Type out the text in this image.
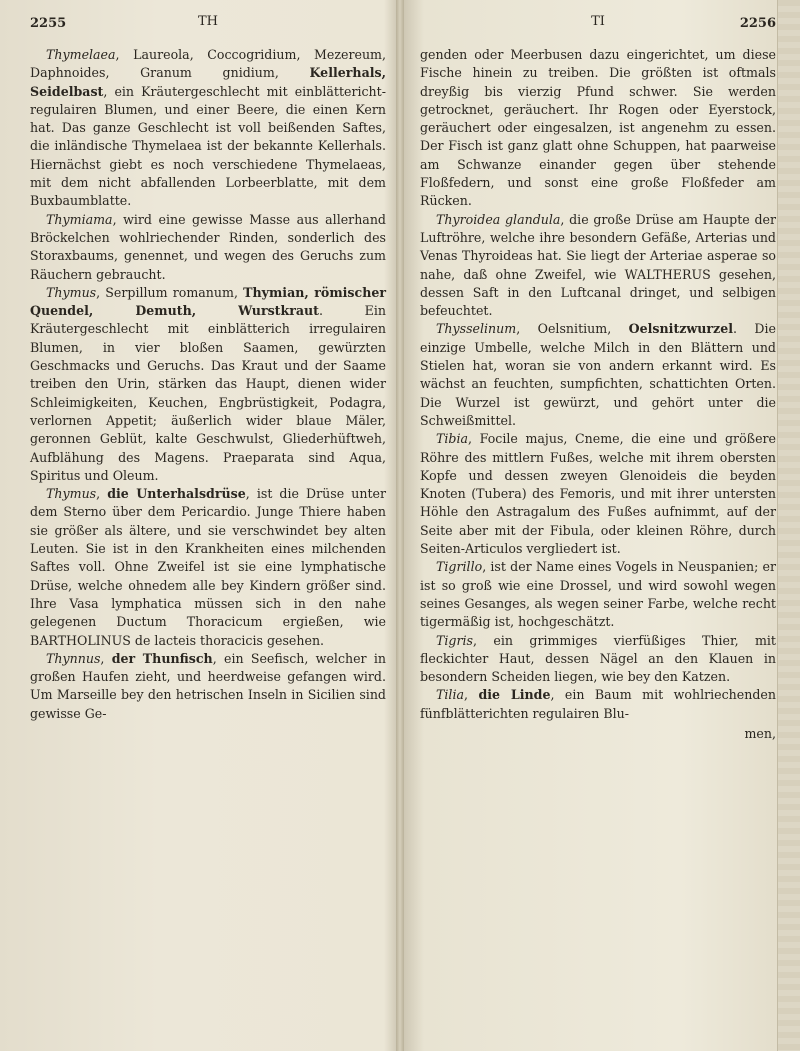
2255	TH

Thymelaea, Laureola, Coccogridium, Mezereum, Daphnoides, Granum gnidium, Kellerhals, Seidelbast, ein Kräutergeschlecht mit einblättericht-regulairen Blumen, und einer Beere, die einen Kern hat. Das ganze Geschlecht ist voll beißenden Saftes, die inländische Thymelaea ist der bekannte Kellerhals. Hiernächst giebt es noch verschiedene Thymelaeas, mit dem nicht abfallenden Lorbeerblatte, mit dem Buxbaumblatte.

Thymiama, wird eine gewisse Masse aus allerhand Bröckelchen wohlriechender Rinden, sonderlich des Storaxbaums, genennet, und wegen des Geruchs zum Räuchern gebraucht.

Thymus, Serpillum romanum, Thymian, römischer Quendel, Demuth, Wurstkraut. Ein Kräutergeschlecht mit einblätterich irregulairen Blumen, in vier bloßen Saamen, gewürzten Geschmacks und Geruchs. Das Kraut und der Saame treiben den Urin, stärken das Haupt, dienen wider Schleimigkeiten, Keuchen, Engbrüstigkeit, Podagra, verlornen Appetit; äußerlich wider blaue Mäler, geronnen Geblüt, kalte Geschwulst, Gliederhüftweh, Aufblähung des Magens. Praeparata sind Aqua, Spiritus und Oleum.

Thymus, die Unterhalsdrüse, ist die Drüse unter dem Sterno über dem Pericardio. Junge Thiere haben sie größer als ältere, und sie verschwindet bey alten Leuten. Sie ist in den Krankheiten eines milchenden Saftes voll. Ohne Zweifel ist sie eine lymphatische Drüse, welche ohnedem alle bey Kindern größer sind. Ihre Vasa lymphatica müssen sich in den nahe gelegenen Ductum Thoracicum ergießen, wie BARTHOLINUS de lacteis thoracicis gesehen.

Thynnus, der Thunfisch, ein Seefisch, welcher in großen Haufen zieht, und heerdweise gefangen wird. Um Marseille bey den hetrischen Inseln in Sicilien sind gewisse Ge-

TI	2256

genden oder Meerbusen dazu eingerichtet, um diese Fische hinein zu treiben. Die größten ist oftmals dreyßig bis vierzig Pfund schwer. Sie werden getrocknet, geräuchert. Ihr Rogen oder Eyerstock, geräuchert oder eingesalzen, ist angenehm zu essen. Der Fisch ist ganz glatt ohne Schuppen, hat paarweise am Schwanze einander gegen über stehende Floßfedern, und sonst eine große Floßfeder am Rücken.

Thyroidea glandula, die große Drüse am Haupte der Luftröhre, welche ihre besondern Gefäße, Arterias und Venas Thyroideas hat. Sie liegt der Arteriae asperae so nahe, daß ohne Zweifel, wie WALTHERUS gesehen, dessen Saft in den Luftcanal dringet, und selbigen befeuchtet.

Thysselinum, Oelsnitium, Oelsnitzwurzel. Die einzige Umbelle, welche Milch in den Blättern und Stielen hat, woran sie von andern erkannt wird. Es wächst an feuchten, sumpfichten, schattichten Orten. Die Wurzel ist gewürzt, und gehört unter die Schweißmittel.

Tibia, Focile majus, Cneme, die eine und größere Röhre des mittlern Fußes, welche mit ihrem obersten Kopfe und dessen zweyen Glenoideis die beyden Knoten (Tubera) des Femoris, und mit ihrer untersten Höhle den Astragalum des Fußes aufnimmt, auf der Seite aber mit der Fibula, oder kleinen Röhre, durch Seiten-Articulos vergliedert ist.

Tigrillo, ist der Name eines Vogels in Neuspanien; er ist so groß wie eine Drossel, und wird sowohl wegen seines Gesanges, als wegen seiner Farbe, welche recht tigermäßig ist, hochgeschätzt.

Tigris, ein grimmiges vierfüßiges Thier, mit fleckichter Haut, dessen Nägel an den Klauen in besondern Scheiden liegen, wie bey den Katzen.

Tilia, die Linde, ein Baum mit wohlriechenden fünfblätterichten regulairen Blu-

men,
